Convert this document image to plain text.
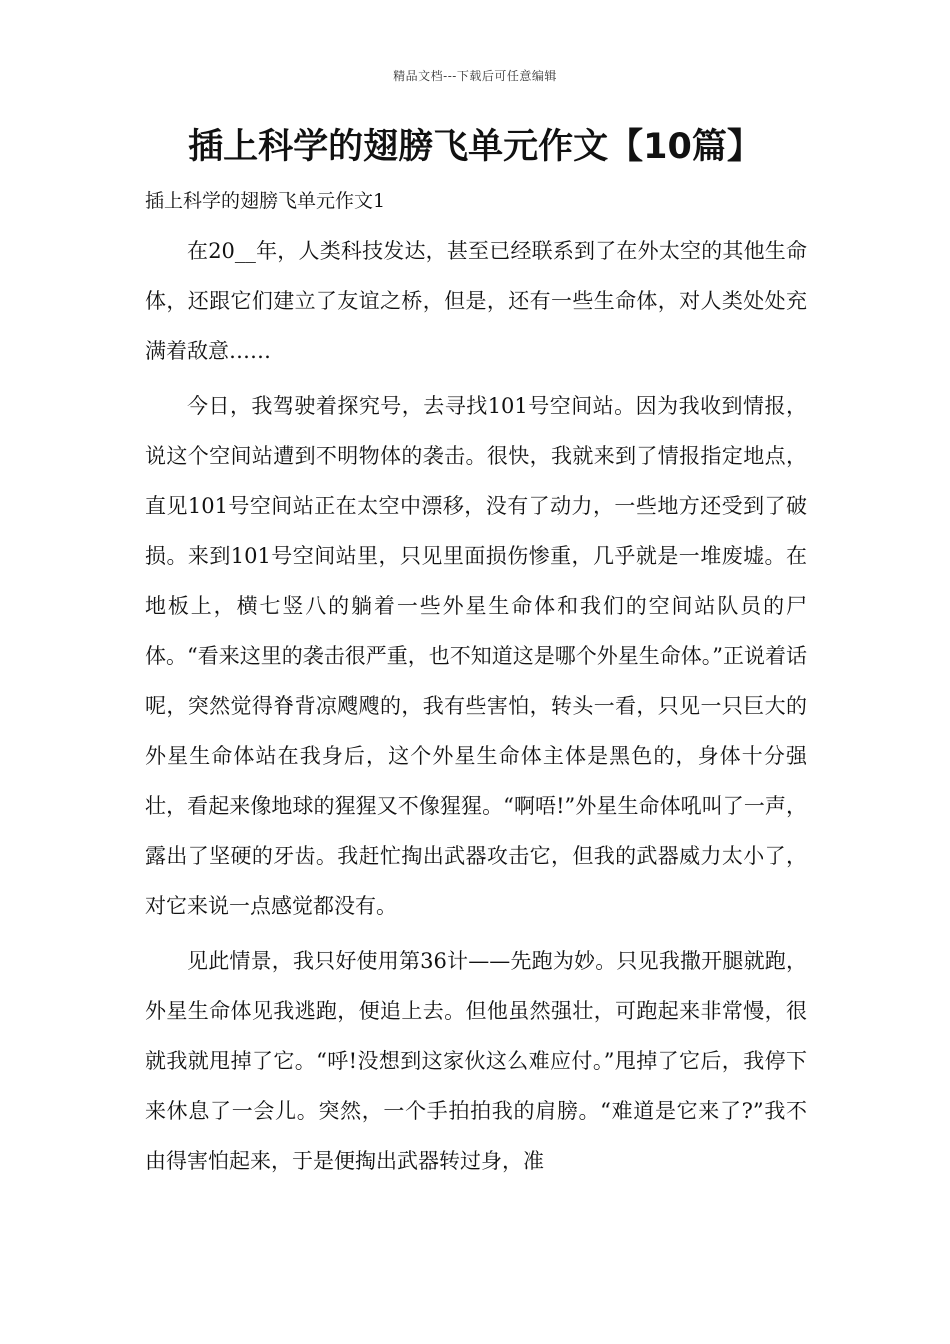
精品文档---下载后可任意编辑
插上科学的翅膀飞单元作文【10篇】
插上科学的翅膀飞单元作文1

在20__年，人类科技发达，甚至已经联系到了在外太空的其他生命体，还跟它们建立了友谊之桥，但是，还有一些生命体，对人类处处充满着敌意……

今日，我驾驶着探究号，去寻找101号空间站。因为我收到情报，说这个空间站遭到不明物体的袭击。很快，我就来到了情报指定地点，直见101号空间站正在太空中漂移，没有了动力，一些地方还受到了破损。来到101号空间站里，只见里面损伤惨重，几乎就是一堆废墟。在地板上，横七竖八的躺着一些外星生命体和我们的空间站队员的尸体。“看来这里的袭击很严重，也不知道这是哪个外星生命体。”正说着话呢，突然觉得脊背凉飕飕的，我有些害怕，转头一看，只见一只巨大的外星生命体站在我身后，这个外星生命体主体是黑色的，身体十分强壮，看起来像地球的猩猩又不像猩猩。“啊唔!”外星生命体吼叫了一声，露出了坚硬的牙齿。我赶忙掏出武器攻击它，但我的武器威力太小了，对它来说一点感觉都没有。

见此情景，我只好使用第36计——先跑为妙。只见我撒开腿就跑，外星生命体见我逃跑，便追上去。但他虽然强壮，可跑起来非常慢，很就我就甩掉了它。“呼!没想到这家伙这么难应付。”甩掉了它后，我停下来休息了一会儿。突然，一个手拍拍我的肩膀。“难道是它来了?”我不由得害怕起来，于是便掏出武器转过身，准
